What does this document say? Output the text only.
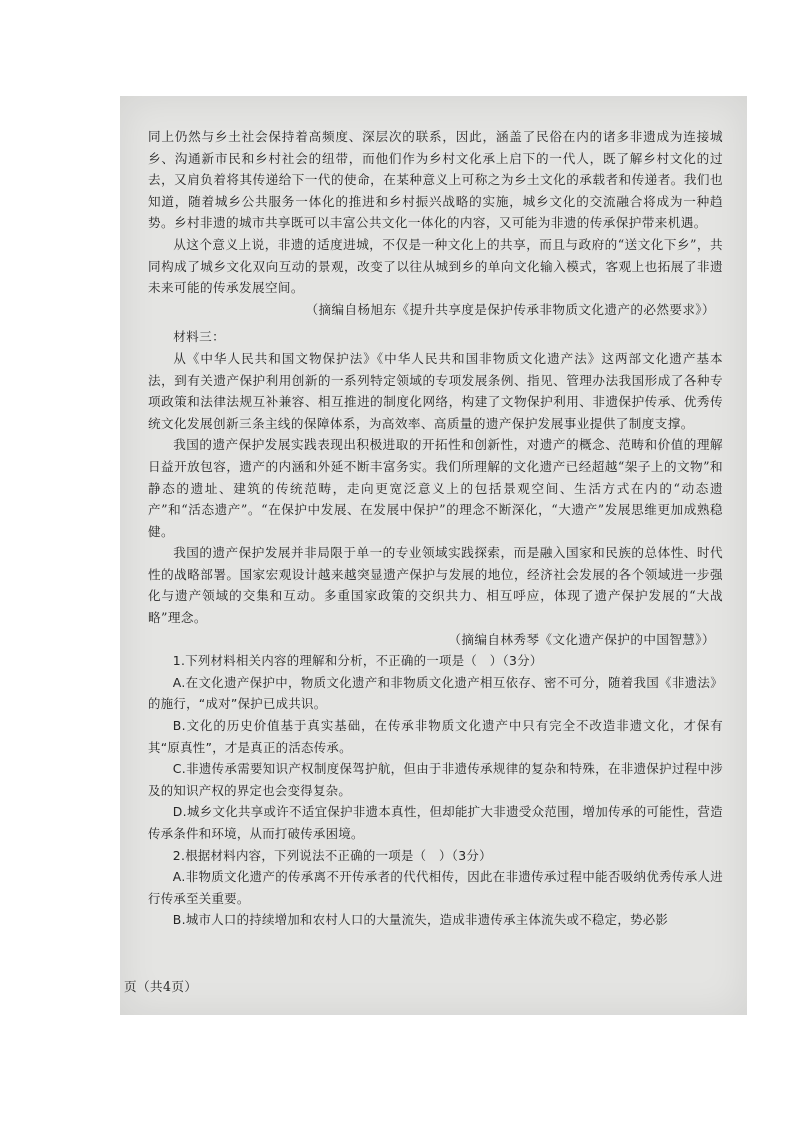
同上仍然与乡土社会保持着高频度、深层次的联系，因此，涵盖了民俗在内的诸多非遗成为连接城乡、沟通新市民和乡村社会的纽带，而他们作为乡村文化承上启下的一代人，既了解乡村文化的过去，又肩负着将其传递给下一代的使命，在某种意义上可称之为乡土文化的承载者和传递者。我们也知道，随着城乡公共服务一体化的推进和乡村振兴战略的实施，城乡文化的交流融合将成为一种趋势。乡村非遗的城市共享既可以丰富公共文化一体化的内容，又可能为非遗的传承保护带来机遇。

从这个意义上说，非遗的适度进城，不仅是一种文化上的共享，而且与政府的“送文化下乡”，共同构成了城乡文化双向互动的景观，改变了以往从城到乡的单向文化输入模式，客观上也拓展了非遗未来可能的传承发展空间。

（摘编自杨旭东《提升共享度是保护传承非物质文化遗产的必然要求》）

材料三：

从《中华人民共和国文物保护法》《中华人民共和国非物质文化遗产法》这两部文化遗产基本法，到有关遗产保护利用创新的一系列特定领域的专项发展条例、指见、管理办法我国形成了各种专项政策和法律法规互补兼容、相互推进的制度化网络，构建了文物保护利用、非遗保护传承、优秀传统文化发展创新三条主线的保障体系，为高效率、高质量的遗产保护发展事业提供了制度支撑。

我国的遗产保护发展实践表现出积极进取的开拓性和创新性，对遗产的概念、范畴和价值的理解日益开放包容，遗产的内涵和外延不断丰富务实。我们所理解的文化遗产已经超越“架子上的文物”和静态的遗址、建筑的传统范畴，走向更宽泛意义上的包括景观空间、生活方式在内的“动态遗产”和“活态遗产”。“在保护中发展、在发展中保护”的理念不断深化，“大遗产”发展思维更加成熟稳健。

我国的遗产保护发展并非局限于单一的专业领域实践探索，而是融入国家和民族的总体性、时代性的战略部署。国家宏观设计越来越突显遗产保护与发展的地位，经济社会发展的各个领域进一步强化与遗产领域的交集和互动。多重国家政策的交织共力、相互呼应，体现了遗产保护发展的“大战略”理念。

（摘编自林秀琴《文化遗产保护的中国智慧》）

1.下列材料相关内容的理解和分析，不正确的一项是（　）（3分）

A.在文化遗产保护中，物质文化遗产和非物质文化遗产相互依存、密不可分，随着我国《非遗法》的施行，“成对”保护已成共识。

B.文化的历史价值基于真实基础，在传承非物质文化遗产中只有完全不改造非遗文化，才保有其“原真性”，才是真正的活态传承。

C.非遗传承需要知识产权制度保驾护航，但由于非遗传承规律的复杂和特殊，在非遗保护过程中涉及的知识产权的界定也会变得复杂。

D.城乡文化共享或许不适宜保护非遗本真性，但却能扩大非遗受众范围，增加传承的可能性，营造传承条件和环境，从而打破传承困境。

2.根据材料内容，下列说法不正确的一项是（　）（3分）

A.非物质文化遗产的传承离不开传承者的代代相传，因此在非遗传承过程中能否吸纳优秀传承人进行传承至关重要。

B.城市人口的持续增加和农村人口的大量流失，造成非遗传承主体流失或不稳定，势必影

页（共4页）
